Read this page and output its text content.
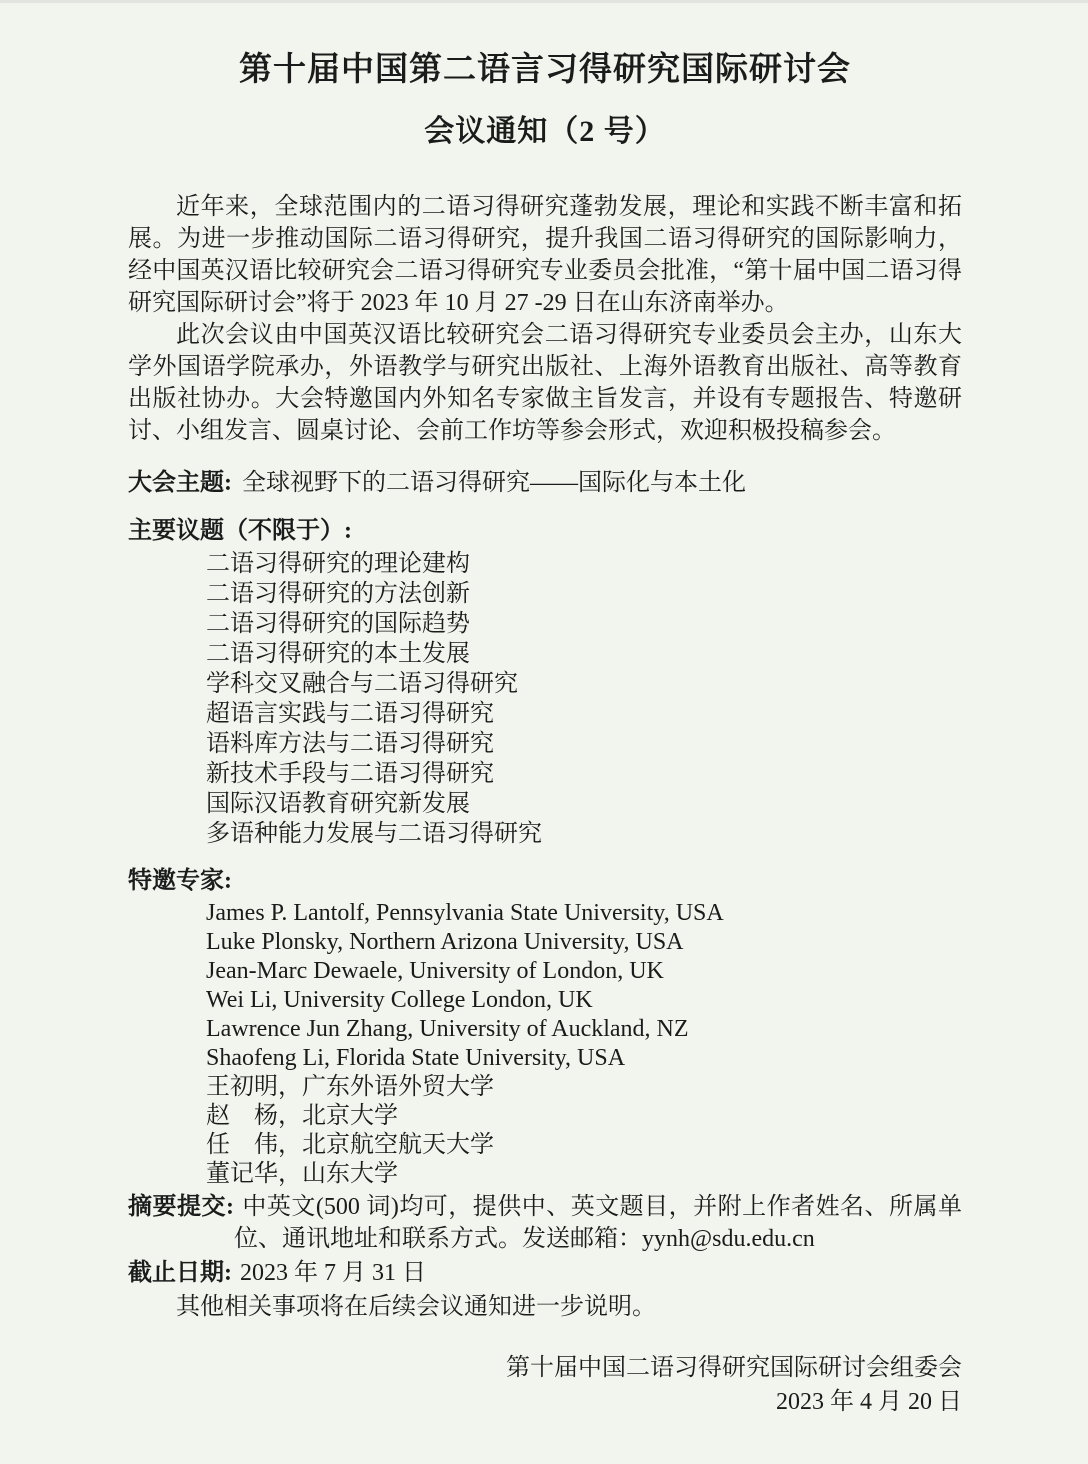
第十届中国第二语言习得研究国际研讨会
会议通知（2 号）

近年来，全球范围内的二语习得研究蓬勃发展，理论和实践不断丰富和拓展。为进一步推动国际二语习得研究，提升我国二语习得研究的国际影响力，经中国英汉语比较研究会二语习得研究专业委员会批准，“第十届中国二语习得研究国际研讨会”将于 2023 年 10 月 27 -29 日在山东济南举办。

此次会议由中国英汉语比较研究会二语习得研究专业委员会主办，山东大学外国语学院承办，外语教学与研究出版社、上海外语教育出版社、高等教育出版社协办。大会特邀国内外知名专家做主旨发言，并设有专题报告、特邀研讨、小组发言、圆桌讨论、会前工作坊等参会形式，欢迎积极投稿参会。

大会主题: 全球视野下的二语习得研究——国际化与本土化
主要议题（不限于）:
二语习得研究的理论建构
二语习得研究的方法创新
二语习得研究的国际趋势
二语习得研究的本土发展
学科交叉融合与二语习得研究
超语言实践与二语习得研究
语料库方法与二语习得研究
新技术手段与二语习得研究
国际汉语教育研究新发展
多语种能力发展与二语习得研究
特邀专家:
James P. Lantolf, Pennsylvania State University, USA
Luke Plonsky, Northern Arizona University, USA
Jean-Marc Dewaele, University of London, UK
Wei Li, University College London, UK
Lawrence Jun Zhang, University of Auckland, NZ
Shaofeng Li, Florida State University, USA
王初明，广东外语外贸大学
赵　杨，北京大学
任　伟，北京航空航天大学
董记华，山东大学
摘要提交: 中英文(500 词)均可，提供中、英文题目，并附上作者姓名、所属单位、通讯地址和联系方式。发送邮箱：yynh@sdu.edu.cn
截止日期: 2023 年 7 月 31 日
其他相关事项将在后续会议通知进一步说明。
第十届中国二语习得研究国际研讨会组委会
2023 年 4 月 20 日
